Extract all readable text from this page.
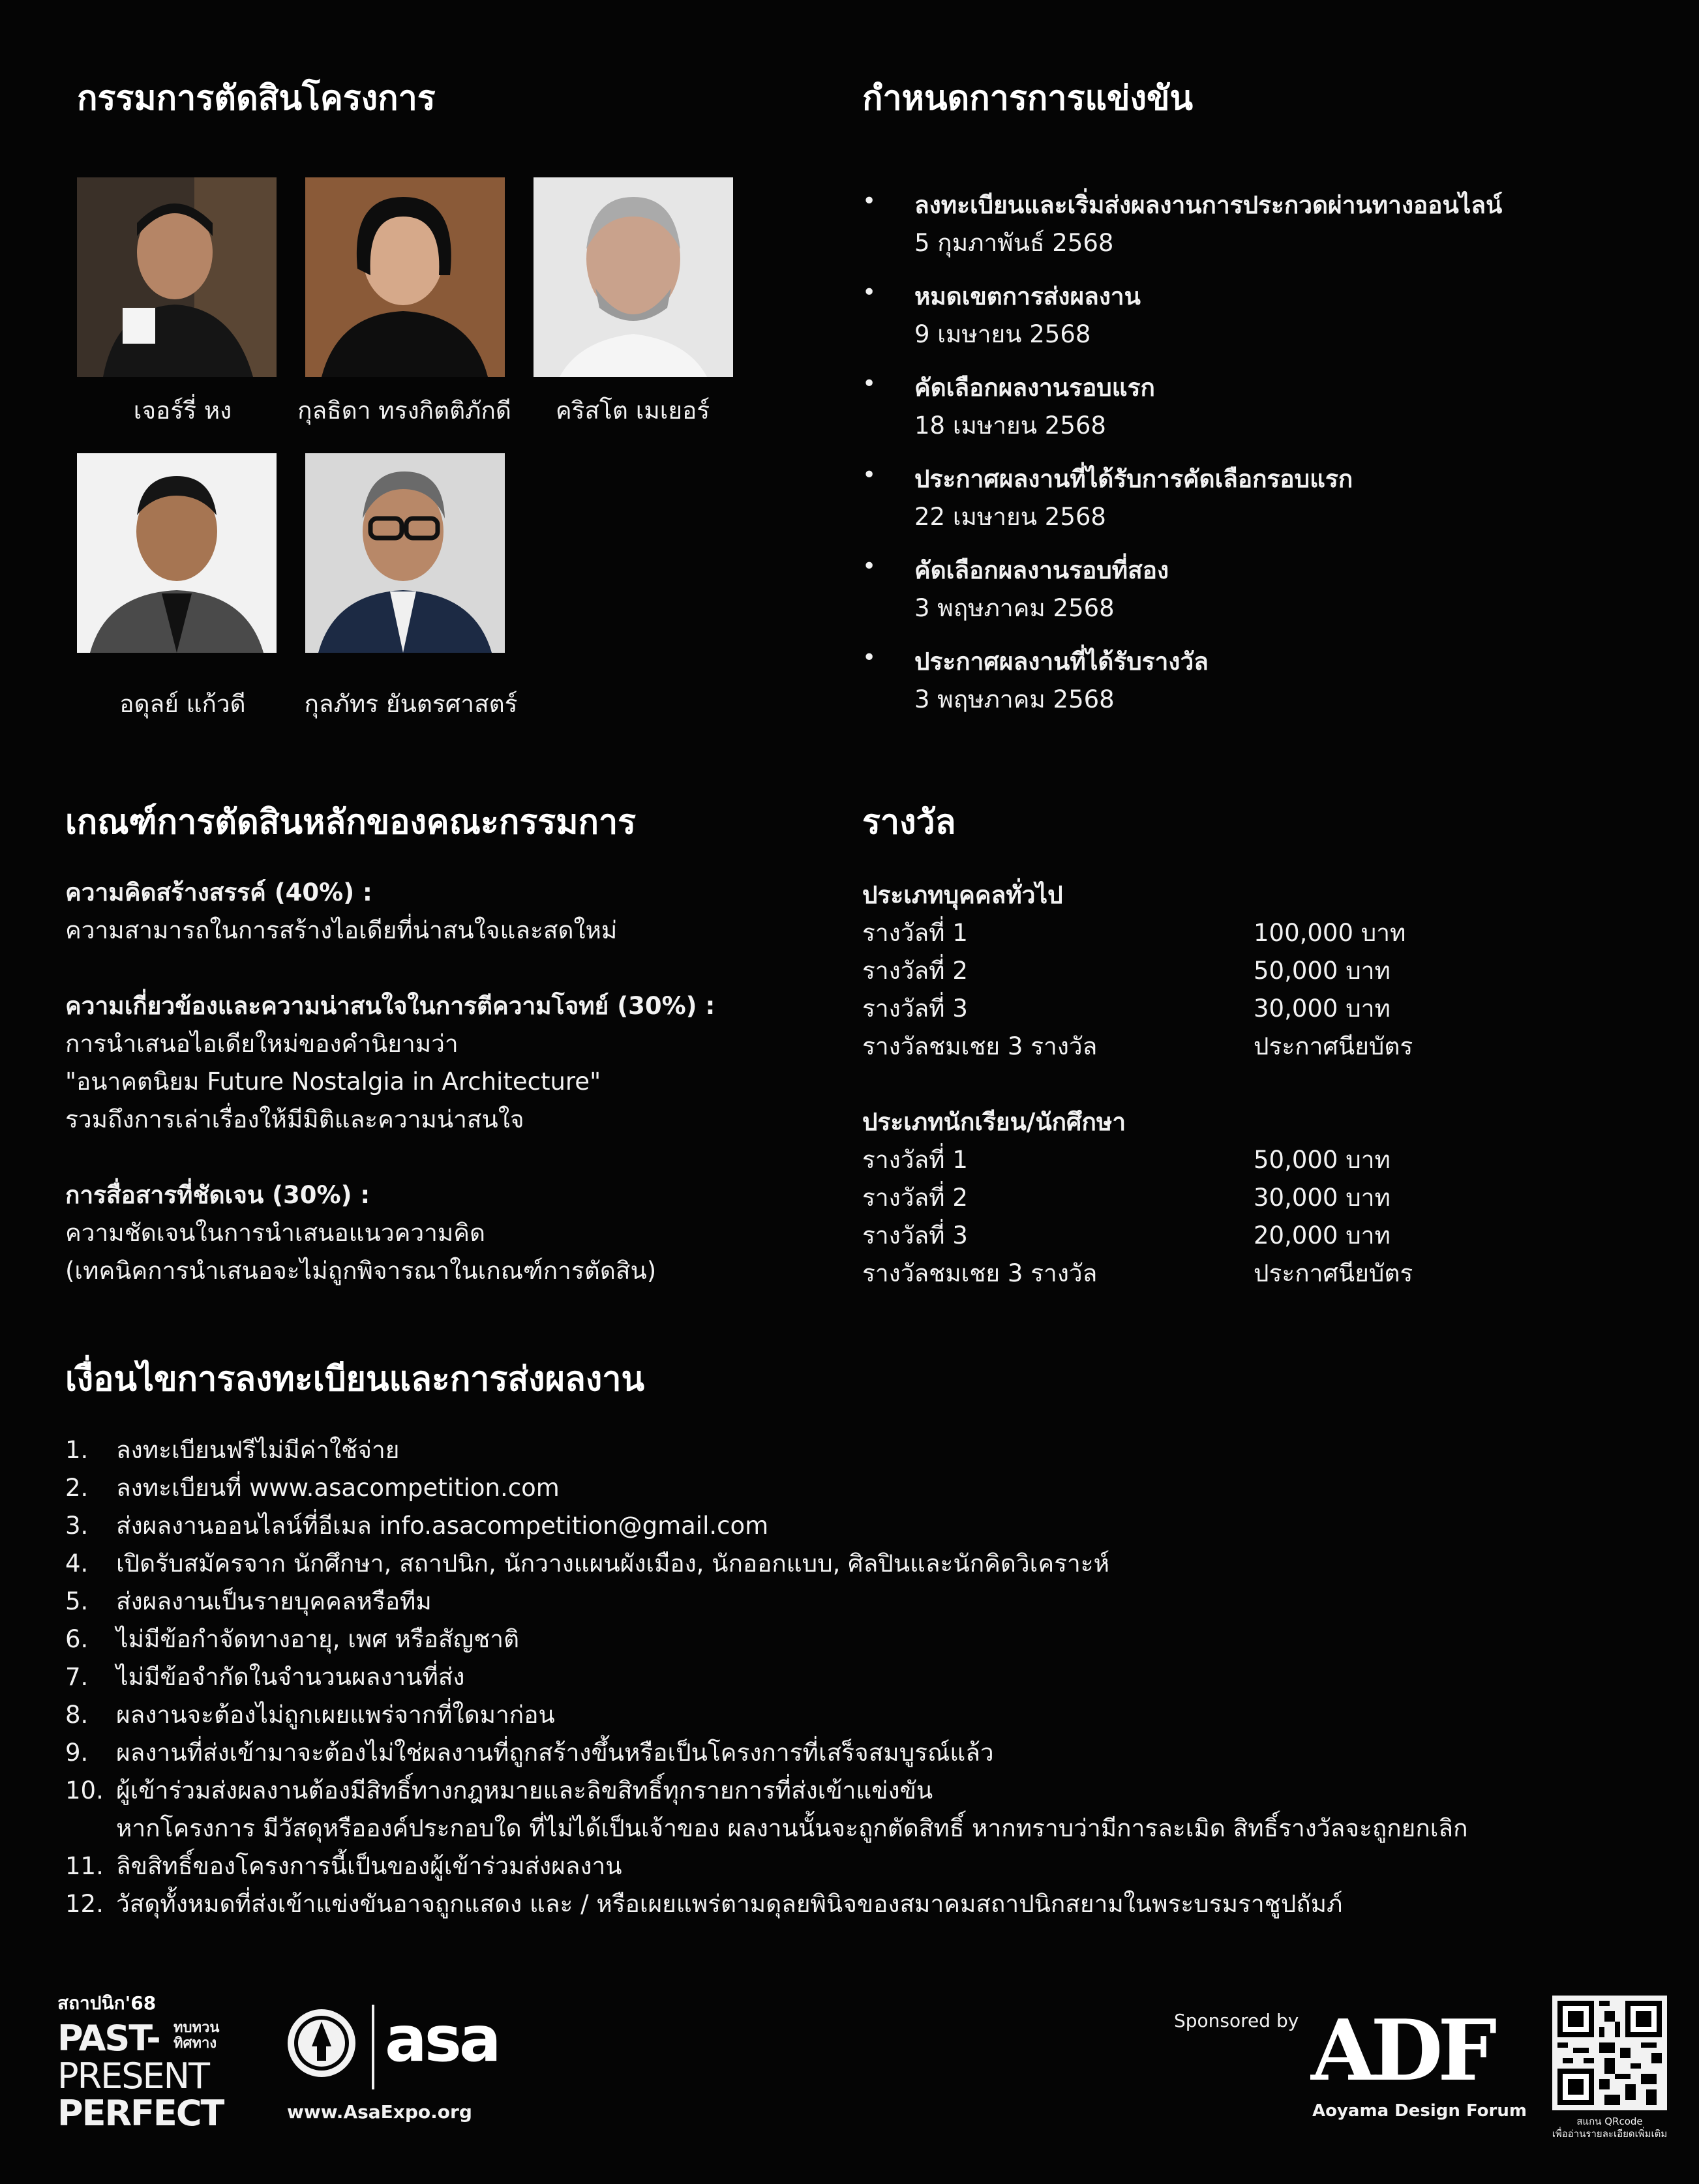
กรรมการตัดสินโครงการ
เจอร์รี่ หง	กุลธิดา ทรงกิตติภักดี	คริสโต เมเยอร์
อดุลย์ แก้วดี	กุลภัทร ยันตรศาสตร์
กำหนดการการแข่งขัน
• ลงทะเบียนและเริ่มส่งผลงานการประกวดผ่านทางออนไลน์
5 กุมภาพันธ์ 2568
• หมดเขตการส่งผลงาน
9 เมษายน 2568
• คัดเลือกผลงานรอบแรก
18 เมษายน 2568
• ประกาศผลงานที่ได้รับการคัดเลือกรอบแรก
22 เมษายน 2568
• คัดเลือกผลงานรอบที่สอง
3 พฤษภาคม 2568
• ประกาศผลงานที่ได้รับรางวัล
3 พฤษภาคม 2568
เกณฑ์การตัดสินหลักของคณะกรรมการ
ความคิดสร้างสรรค์ (40%) :
ความสามารถในการสร้างไอเดียที่น่าสนใจและสดใหม่
ความเกี่ยวข้องและความน่าสนใจในการตีความโจทย์ (30%) :
การนำเสนอไอเดียใหม่ของคำนิยามว่า
"อนาคตนิยม Future Nostalgia in Architecture"
รวมถึงการเล่าเรื่องให้มีมิติและความน่าสนใจ
การสื่อสารที่ชัดเจน (30%) :
ความชัดเจนในการนำเสนอแนวความคิด
(เทคนิคการนำเสนอจะไม่ถูกพิจารณาในเกณฑ์การตัดสิน)
รางวัล
ประเภทบุคคลทั่วไป
รางวัลที่ 1	100,000 บาท
รางวัลที่ 2	50,000 บาท
รางวัลที่ 3	30,000 บาท
รางวัลชมเชย 3 รางวัล	ประกาศนียบัตร
ประเภทนักเรียน/นักศึกษา
รางวัลที่ 1	50,000 บาท
รางวัลที่ 2	30,000 บาท
รางวัลที่ 3	20,000 บาท
รางวัลชมเชย 3 รางวัล	ประกาศนียบัตร
เงื่อนไขการลงทะเบียนและการส่งผลงาน
1.	ลงทะเบียนฟรีไม่มีค่าใช้จ่าย
2.	ลงทะเบียนที่ www.asacompetition.com
3.	ส่งผลงานออนไลน์ที่อีเมล info.asacompetition@gmail.com
4.	เปิดรับสมัครจาก นักศึกษา, สถาปนิก, นักวางแผนผังเมือง, นักออกแบบ, ศิลปินและนักคิดวิเคราะห์
5.	ส่งผลงานเป็นรายบุคคลหรือทีม
6.	ไม่มีข้อกำจัดทางอายุ, เพศ หรือสัญชาติ
7.	ไม่มีข้อจำกัดในจำนวนผลงานที่ส่ง
8.	ผลงานจะต้องไม่ถูกเผยแพร่จากที่ใดมาก่อน
9.	ผลงานที่ส่งเข้ามาจะต้องไม่ใช่ผลงานที่ถูกสร้างขึ้นหรือเป็นโครงการที่เสร็จสมบูรณ์แล้ว
10. ผู้เข้าร่วมส่งผลงานต้องมีสิทธิ์ทางกฎหมายและลิขสิทธิ์ทุกรายการที่ส่งเข้าแข่งขัน
หากโครงการ มีวัสดุหรือองค์ประกอบใด ที่ไม่ได้เป็นเจ้าของ ผลงานนั้นจะถูกตัดสิทธิ์ หากทราบว่ามีการละเมิด สิทธิ์รางวัลจะถูกยกเลิก
11. ลิขสิทธิ์ของโครงการนี้เป็นของผู้เข้าร่วมส่งผลงาน
12. วัสดุทั้งหมดที่ส่งเข้าแข่งขันอาจถูกแสดง และ / หรือเผยแพร่ตามดุลยพินิจของสมาคมสถาปนิกสยามในพระบรมราชูปถัมภ์
สถาปนิก'68
PAST- ทบทวน
ทิศทาง
PRESENT
PERFECT
asa
www.AsaExpo.org
Sponsored by ADF
Aoyama Design Forum
สแกน QRcode
เพื่ออ่านรายละเอียดเพิ่มเติม
